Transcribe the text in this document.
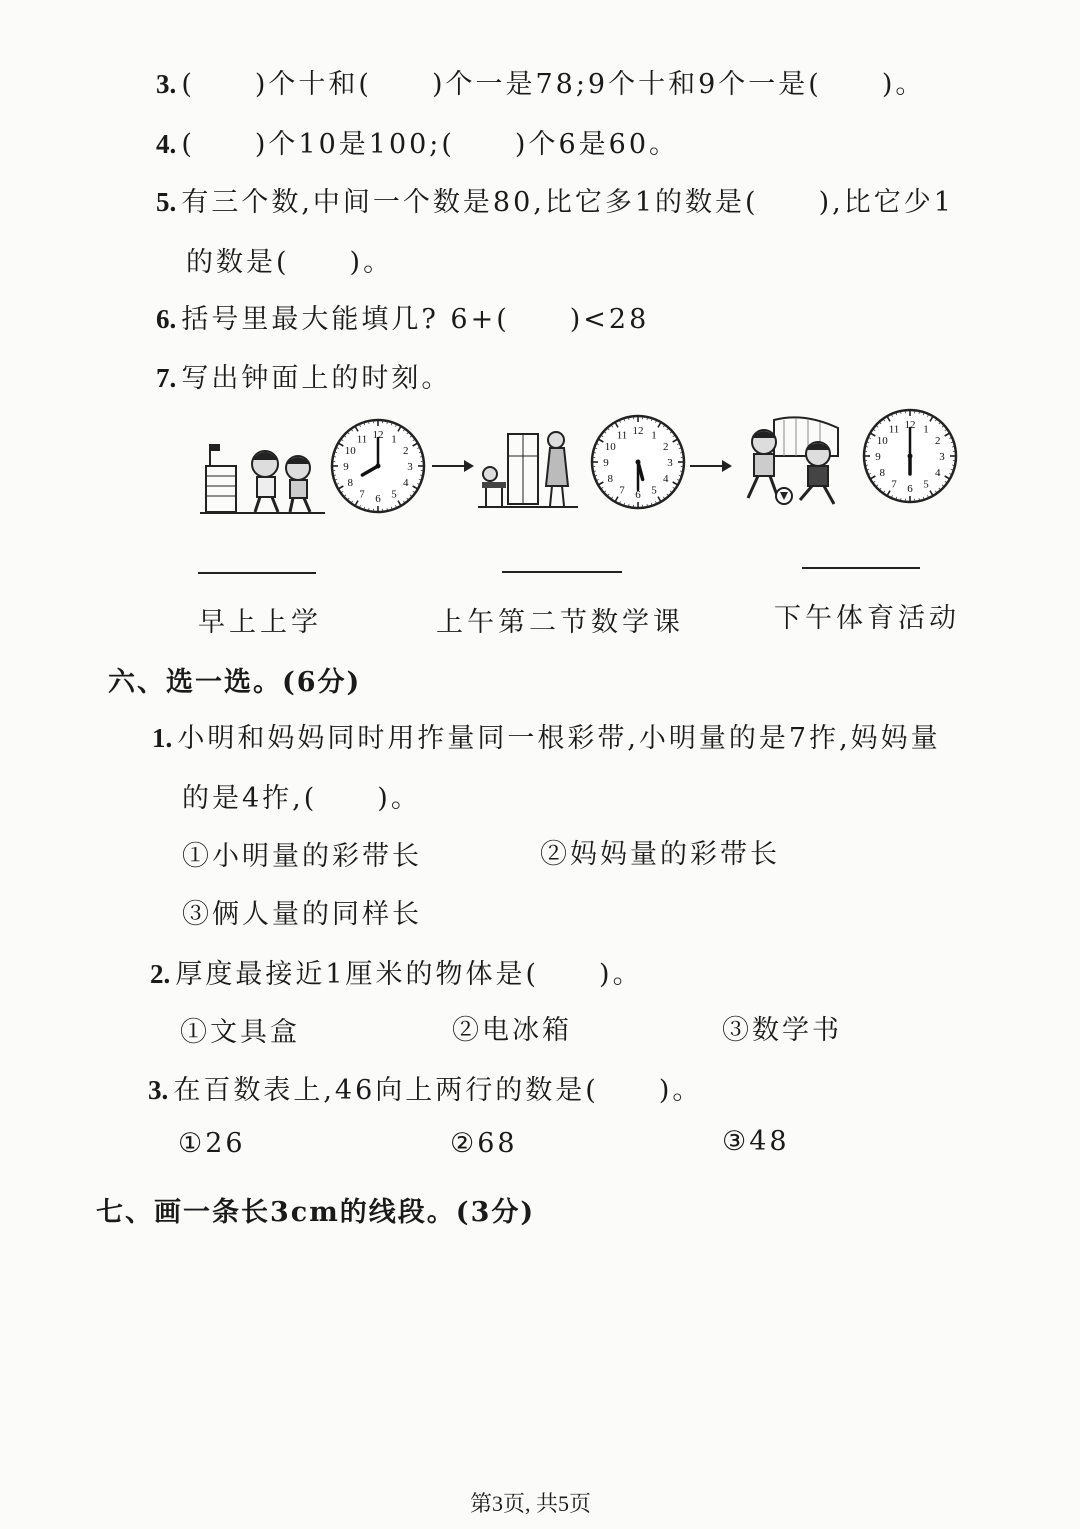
3. (　　)个十和(　　)个一是78;9个十和9个一是(　　)。
4. (　　)个10是100;(　　)个6是60。
5. 有三个数,中间一个数是80,比它多1的数是(　　),比它少1
的数是(　　)。
6. 括号里最大能填几? 6+(　　)<28
7. 写出钟面上的时刻。
12 1
2
3
4
5
6
7
8
9
10
11
12 1
2
3
4
5
6
7
8
9
10
11
12 1
2
3
4
5
6
7
8
9
10
11
早上上学	上午第二节数学课	下午体育活动
六、选一选。(6分)
1. 小明和妈妈同时用拃量同一根彩带,小明量的是7拃,妈妈量
的是4拃,(　　)。
①小明量的彩带长	②妈妈量的彩带长
③俩人量的同样长
2. 厚度最接近1厘米的物体是(　　)。
①文具盒	②电冰箱	③数学书
3. 在百数表上,46向上两行的数是(　　)。
①26	②68	③48
七、画一条长3cm的线段。(3分)
第3页, 共5页
